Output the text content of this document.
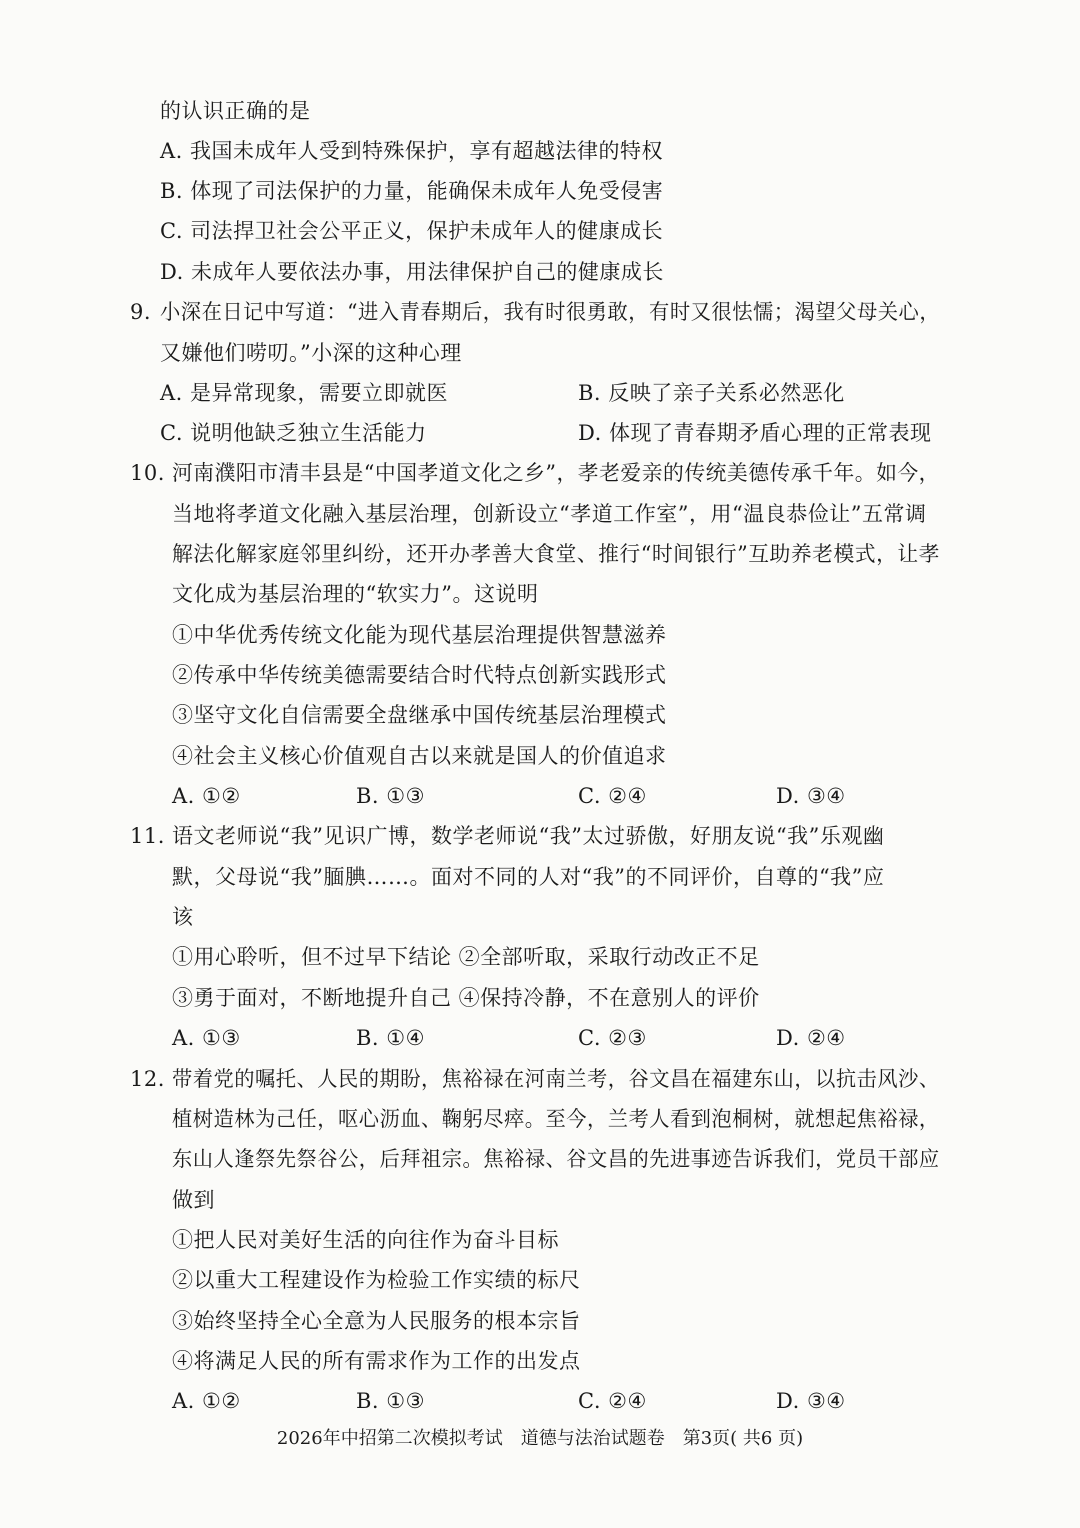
的认识正确的是
A. 我国未成年人受到特殊保护，享有超越法律的特权
B. 体现了司法保护的力量，能确保未成年人免受侵害
C. 司法捍卫社会公平正义，保护未成年人的健康成长
D. 未成年人要依法办事，用法律保护自己的健康成长
9. 小深在日记中写道：“进入青春期后，我有时很勇敢，有时又很怯懦；渴望父母关心，
又嫌他们唠叨。”小深的这种心理
A. 是异常现象，需要立即就医	B. 反映了亲子关系必然恶化
C. 说明他缺乏独立生活能力	D. 体现了青春期矛盾心理的正常表现
10. 河南濮阳市清丰县是“中国孝道文化之乡”，孝老爱亲的传统美德传承千年。如今，
当地将孝道文化融入基层治理，创新设立“孝道工作室”，用“温良恭俭让”五常调
解法化解家庭邻里纠纷，还开办孝善大食堂、推行“时间银行”互助养老模式，让孝
文化成为基层治理的“软实力”。这说明
①中华优秀传统文化能为现代基层治理提供智慧滋养
②传承中华传统美德需要结合时代特点创新实践形式
③坚守文化自信需要全盘继承中国传统基层治理模式
④社会主义核心价值观自古以来就是国人的价值追求
A. ①②	B. ①③	C. ②④	D. ③④
11. 语文老师说“我”见识广博，数学老师说“我”太过骄傲，好朋友说“我”乐观幽
默，父母说“我”腼腆……。面对不同的人对“我”的不同评价，自尊的“我”应
该
①用心聆听，但不过早下结论 ②全部听取，采取行动改正不足
③勇于面对，不断地提升自己 ④保持冷静，不在意别人的评价
A. ①③	B. ①④	C. ②③	D. ②④
12. 带着党的嘱托、人民的期盼，焦裕禄在河南兰考，谷文昌在福建东山，以抗击风沙、
植树造林为己任，呕心沥血、鞠躬尽瘁。至今，兰考人看到泡桐树，就想起焦裕禄，
东山人逢祭先祭谷公，后拜祖宗。焦裕禄、谷文昌的先进事迹告诉我们，党员干部应
做到
①把人民对美好生活的向往作为奋斗目标
②以重大工程建设作为检验工作实绩的标尺
③始终坚持全心全意为人民服务的根本宗旨
④将满足人民的所有需求作为工作的出发点
A. ①②	B. ①③	C. ②④	D. ③④
2026年中招第二次模拟考试　道德与法治试题卷　第3页( 共6 页)
